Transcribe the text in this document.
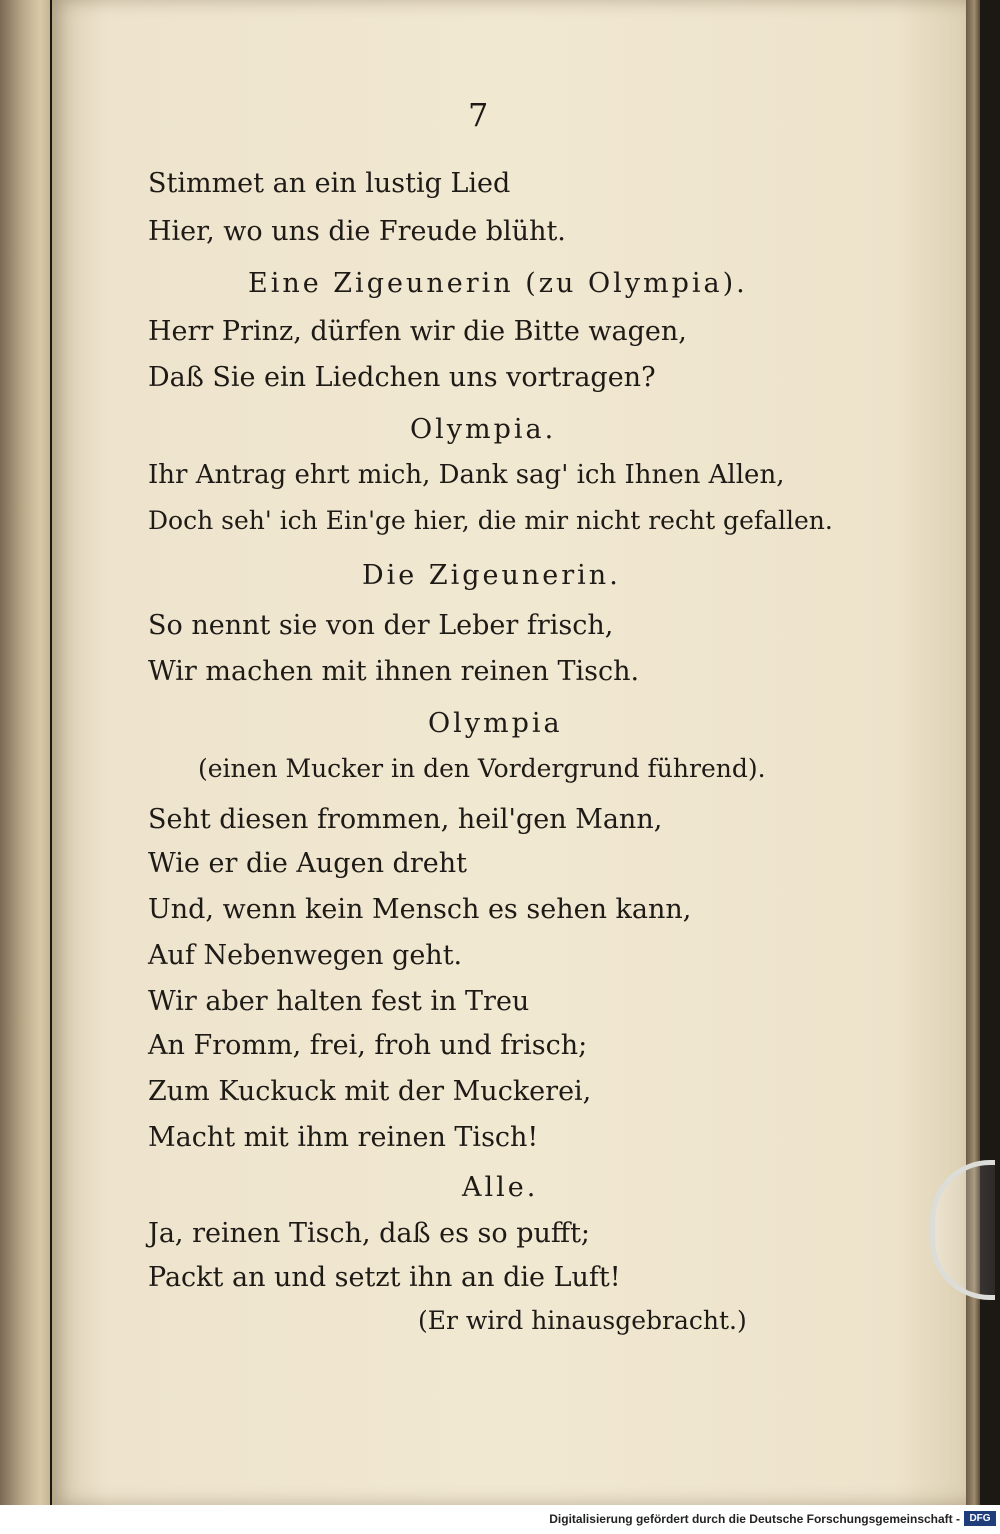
7
Stimmet an ein lustig Lied
Hier, wo uns die Freude blüht.
Eine Zigeunerin (zu Olympia).
Herr Prinz, dürfen wir die Bitte wagen,
Daß Sie ein Liedchen uns vortragen?
Olympia.
Ihr Antrag ehrt mich, Dank sag' ich Ihnen Allen,
Doch seh' ich Ein'ge hier, die mir nicht recht gefallen.
Die Zigeunerin.
So nennt sie von der Leber frisch,
Wir machen mit ihnen reinen Tisch.
Olympia
(einen Mucker in den Vordergrund führend).
Seht diesen frommen, heil'gen Mann,
Wie er die Augen dreht
Und, wenn kein Mensch es sehen kann,
Auf Nebenwegen geht.
Wir aber halten fest in Treu
An Fromm, frei, froh und frisch;
Zum Kuckuck mit der Muckerei,
Macht mit ihm reinen Tisch!
Alle.
Ja, reinen Tisch, daß es so pufft;
Packt an und setzt ihn an die Luft!
(Er wird hinausgebracht.)
Digitalisierung gefördert durch die Deutsche Forschungsgemeinschaft - DFG
